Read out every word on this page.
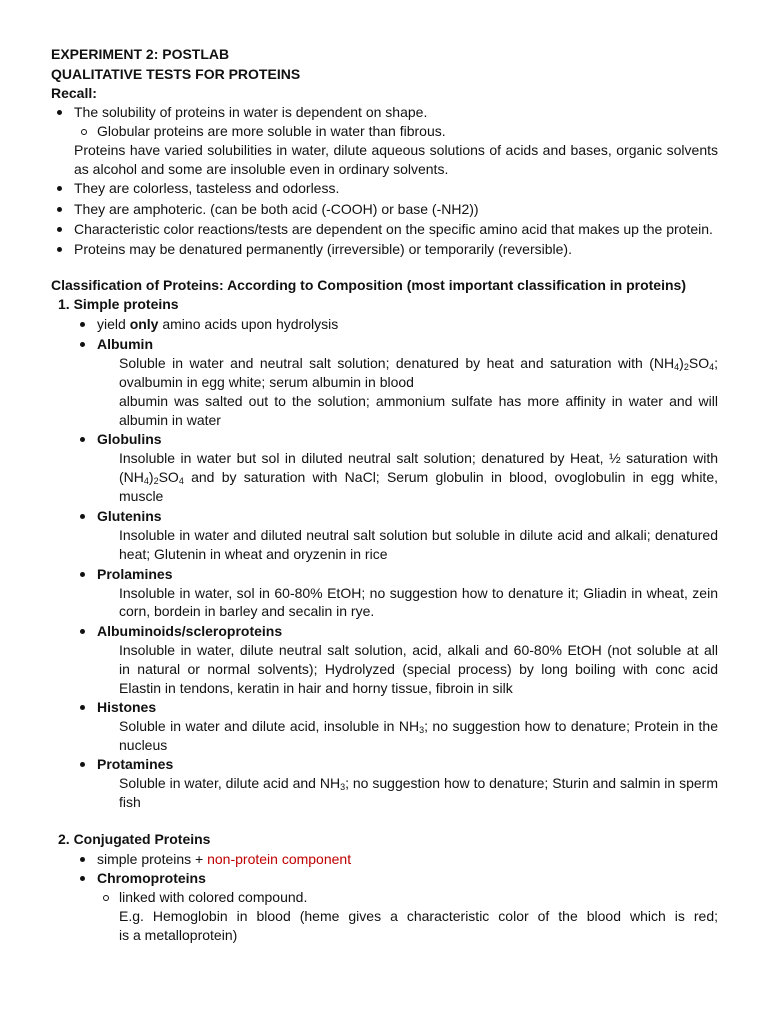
EXPERIMENT 2: POSTLAB
QUALITATIVE TESTS FOR PROTEINS
Recall:
The solubility of proteins in water is dependent on shape.
Globular proteins are more soluble in water than fibrous.
Proteins have varied solubilities in water, dilute aqueous solutions of acids and bases, organic solvents
as alcohol and some are insoluble even in ordinary solvents.
They are colorless, tasteless and odorless.
They are amphoteric. (can be both acid (-COOH) or base (-NH2))
Characteristic color reactions/tests are dependent on the specific amino acid that makes up the protein.
Proteins may be denatured permanently (irreversible) or temporarily (reversible).
Classification of Proteins: According to Composition (most important classification in proteins)
1. Simple proteins
yield only amino acids upon hydrolysis
Albumin
Soluble in water and neutral salt solution; denatured by heat and saturation with $(NH_4)_2SO_4$;
ovalbumin in egg white; serum albumin in blood
albumin was salted out to the solution; ammonium sulfate has more affinity in water and will
albumin in water
Globulins
Insoluble in water but sol in diluted neutral salt solution; denatured by Heat, ½ saturation with
$(NH_4)_2SO_4$ and by saturation with NaCl; Serum globulin in blood, ovoglobulin in egg white,
muscle
Glutenins
Insoluble in water and diluted neutral salt solution but soluble in dilute acid and alkali; denatured
heat; Glutenin in wheat and oryzenin in rice
Prolamines
Insoluble in water, sol in 60-80% EtOH; no suggestion how to denature it; Gliadin in wheat, zein
corn, bordein in barley and secalin in rye.
Albuminoids/scleroproteins
Insoluble in water, dilute neutral salt solution, acid, alkali and 60-80% EtOH (not soluble at all
in natural or normal solvents); Hydrolyzed (special process) by long boiling with conc acid
Elastin in tendons, keratin in hair and horny tissue, fibroin in silk
Histones
Soluble in water and dilute acid, insoluble in $NH_3$; no suggestion how to denature; Protein in the
nucleus
Protamines
Soluble in water, dilute acid and $NH_3$; no suggestion how to denature; Sturin and salmin in sperm
fish
2. Conjugated Proteins
simple proteins + non-protein component
Chromoproteins
linked with colored compound.
E.g. Hemoglobin in blood (heme gives a characteristic color of the blood which is red;
is a metalloprotein)
